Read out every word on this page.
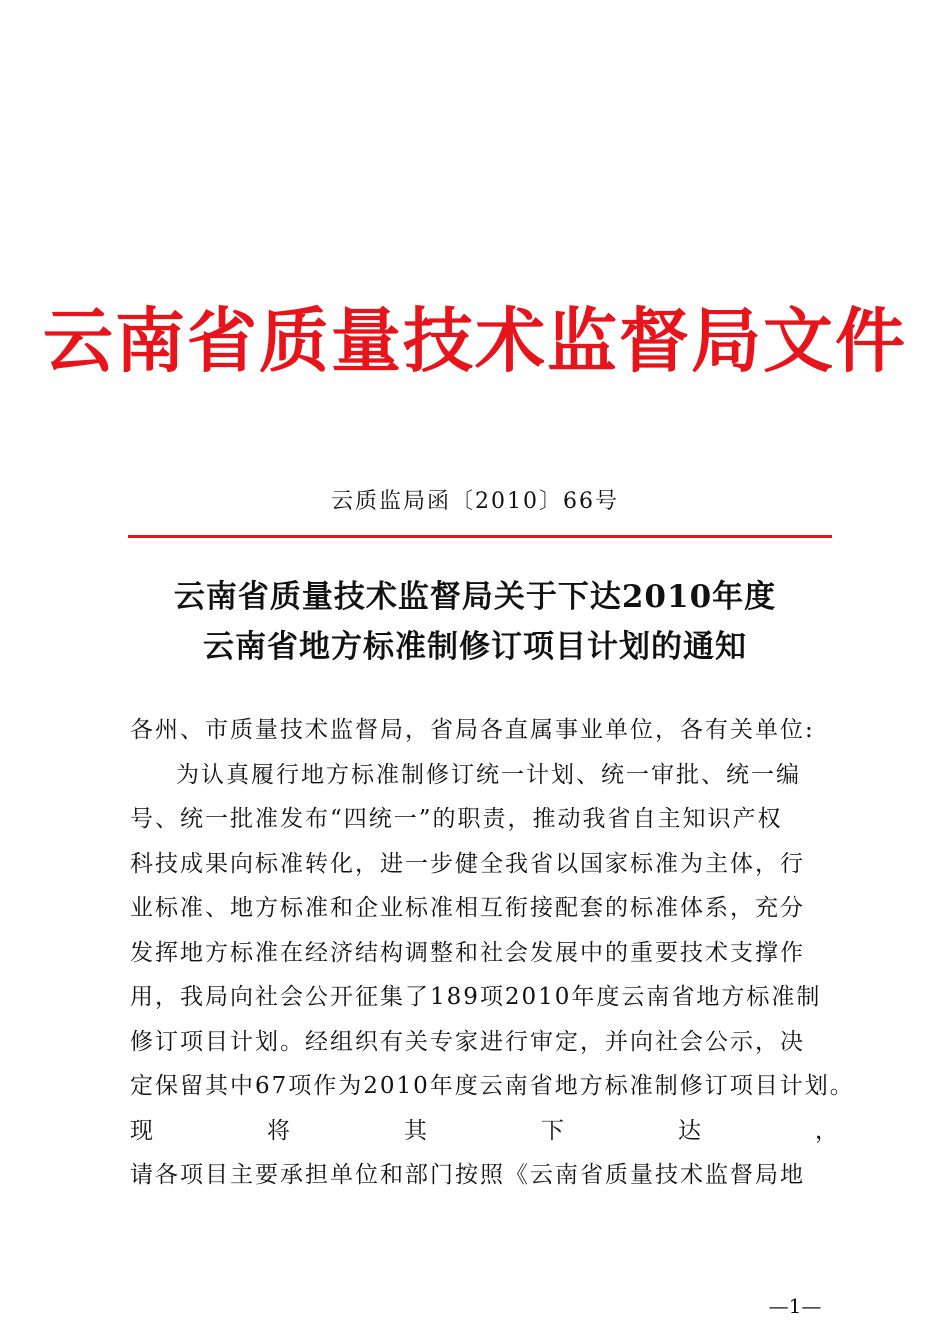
云南省质量技术监督局文件
云质监局函〔2010〕66号
云南省质量技术监督局关于下达2010年度
云南省地方标准制修订项目计划的通知
各州、市质量技术监督局，省局各直属事业单位，各有关单位:
为认真履行地方标准制修订统一计划、统一审批、统一编
号、统一批准发布“四统一”的职责，推动我省自主知识产权
科技成果向标准转化，进一步健全我省以国家标准为主体，行
业标准、地方标准和企业标准相互衔接配套的标准体系，充分
发挥地方标准在经济结构调整和社会发展中的重要技术支撑作
用，我局向社会公开征集了189项2010年度云南省地方标准制
修订项目计划。经组织有关专家进行审定，并向社会公示，决
定保留其中67项作为2010年度云南省地方标准制修订项目计划。
现	将	其	下	达	，
请各项目主要承担单位和部门按照《云南省质量技术监督局地
—1—
